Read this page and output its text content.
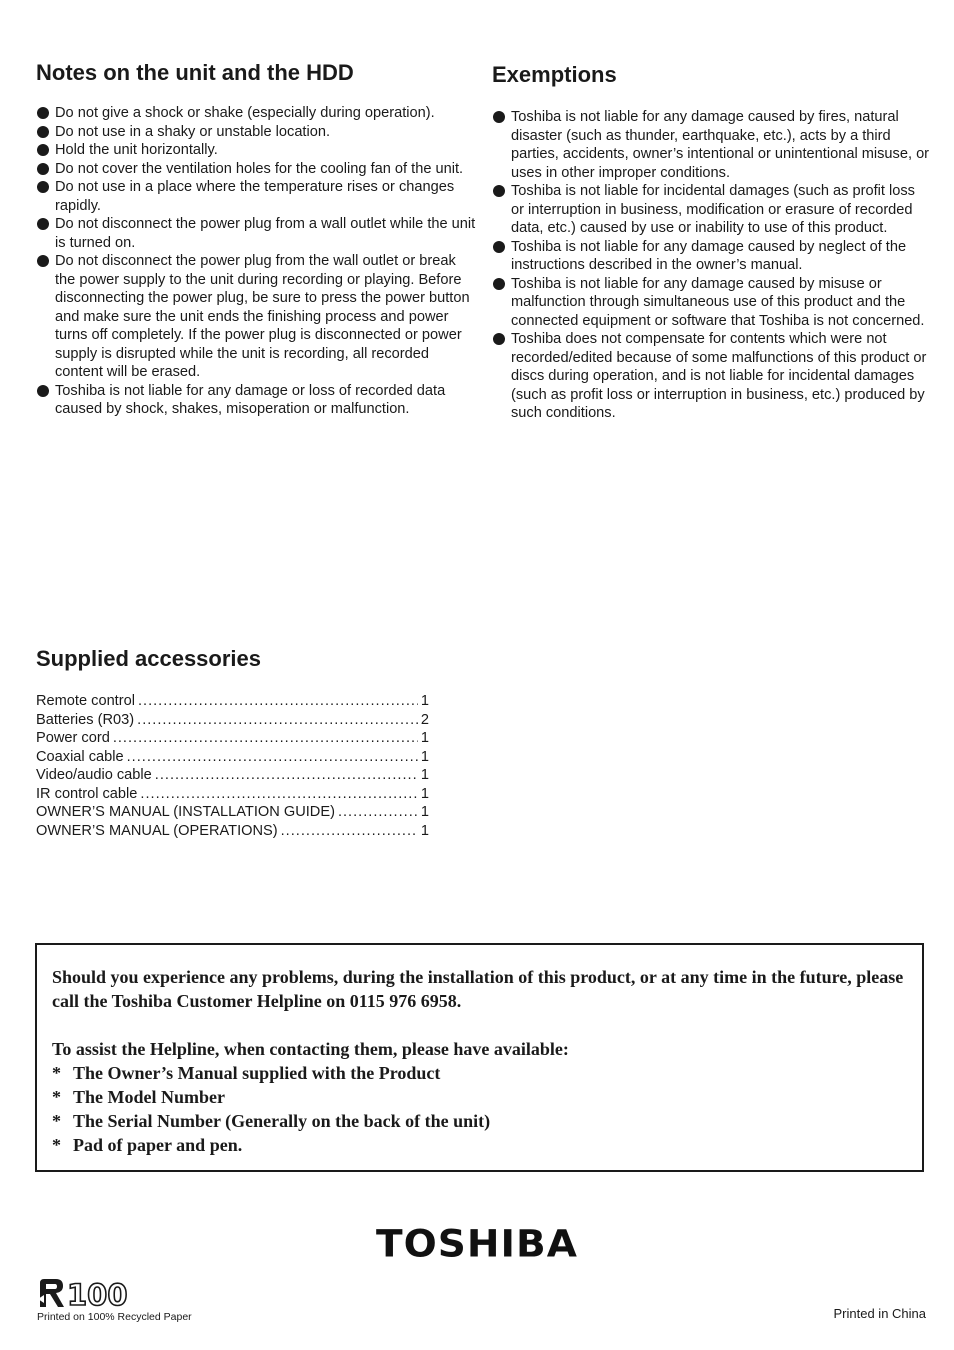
Notes on the unit and the HDD
Do not give a shock or shake (especially during operation).
Do not use in a shaky or unstable location.
Hold the unit horizontally.
Do not cover the ventilation holes for the cooling fan of the unit.
Do not use in a place where the temperature rises or changes rapidly.
Do not disconnect the power plug from a wall outlet while the unit is turned on.
Do not disconnect the power plug from the wall outlet or break the power supply to the unit during recording or playing. Before disconnecting the power plug, be sure to press the power button and make sure the unit ends the finishing process and power turns off completely. If the power plug is disconnected or power supply is disrupted while the unit is recording, all recorded content will be erased.
Toshiba is not liable for any damage or loss of recorded data caused by shock, shakes, misoperation or malfunction.
Exemptions
Toshiba is not liable for any damage caused by fires, natural disaster (such as thunder, earthquake, etc.), acts by a third parties, accidents, owner’s intentional or unintentional misuse, or uses in other improper conditions.
Toshiba is not liable for incidental damages (such as profit loss or interruption in business, modification or erasure of recorded data, etc.) caused by use or inability to use of this product.
Toshiba is not liable for any damage caused by neglect of the instructions described in the owner’s manual.
Toshiba is not liable for any damage caused by misuse or malfunction through simultaneous use of this product and the connected equipment or software that Toshiba is not concerned.
Toshiba does not compensate for contents which were not recorded/edited because of some malfunctions of this product or discs during operation, and is not liable for incidental damages (such as profit loss or interruption in business, etc.) produced by such conditions.
Supplied accessories
Remote control .....	1
Batteries (R03) .....	2
Power cord .....	1
Coaxial cable .....	1
Video/audio cable .....	1
IR control cable .....	1
OWNER’S MANUAL (INSTALLATION GUIDE) .....	1
OWNER’S MANUAL (OPERATIONS) .....	1

Should you experience any problems, during the installation of this product, or at any time in the future, please call the Toshiba Customer Helpline on 0115 976 6958.

To assist the Helpline, when contacting them, please have available:

* The Owner’s Manual supplied with the Product
* The Model Number
* The Serial Number (Generally on the back of the unit)
* Pad of paper and pen.
TOSHIBA
100
Printed on 100% Recycled Paper	Printed in China
